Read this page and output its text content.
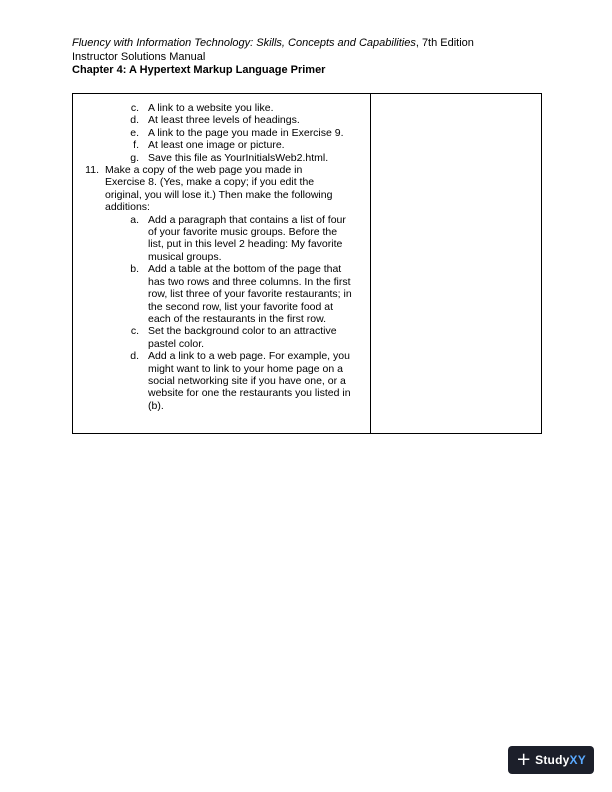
Fluency with Information Technology: Skills, Concepts and Capabilities, 7th Edition
Instructor Solutions Manual
Chapter 4: A Hypertext Markup Language Primer
c. A link to a website you like.
d. At least three levels of headings.
e. A link to the page you made in Exercise 9.
f. At least one image or picture.
g. Save this file as YourInitialsWeb2.html.
11. Make a copy of the web page you made in
Exercise 8. (Yes, make a copy; if you edit the
original, you will lose it.) Then make the following
additions:
a. Add a paragraph that contains a list of four
of your favorite music groups. Before the
list, put in this level 2 heading: My favorite
musical groups.
b. Add a table at the bottom of the page that
has two rows and three columns. In the first
row, list three of your favorite restaurants; in
the second row, list your favorite food at
each of the restaurants in the first row.
c. Set the background color to an attractive
pastel color.
d. Add a link to a web page. For example, you
might want to link to your home page on a
social networking site if you have one, or a
website for one the restaurants you listed in
(b).
+ StudyXY
